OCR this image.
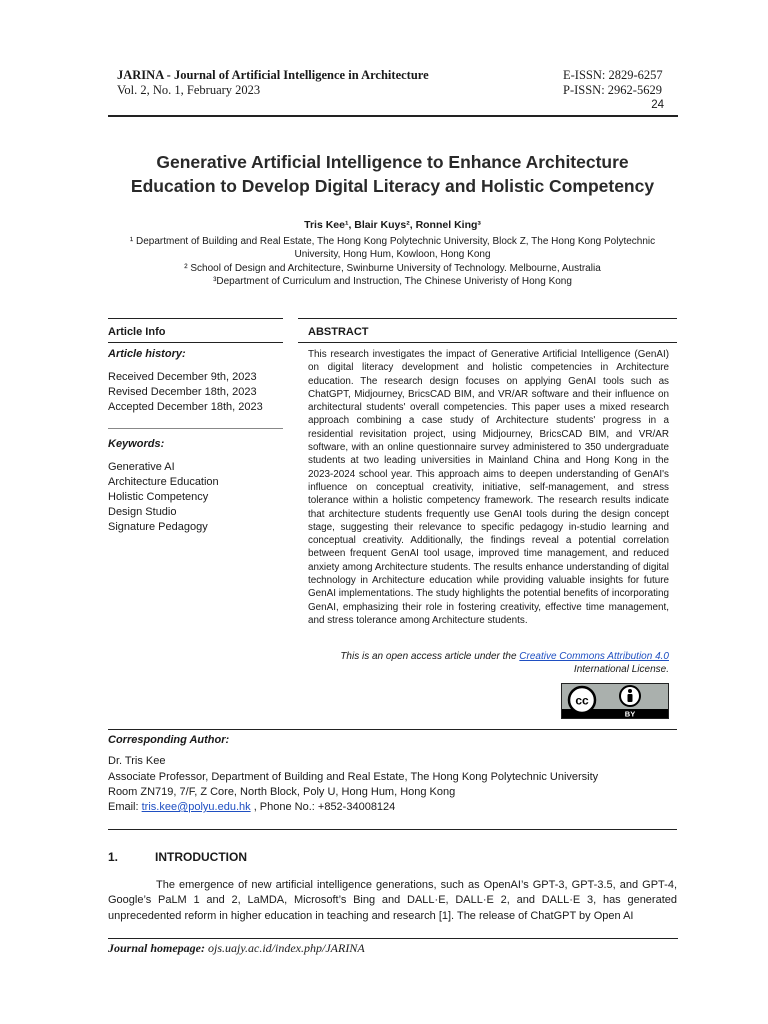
JARINA - Journal of Artificial Intelligence in Architecture
Vol. 2, No. 1, February 2023
E-ISSN: 2829-6257
P-ISSN: 2962-5629
24
Generative Artificial Intelligence to Enhance Architecture
Education to Develop Digital Literacy and Holistic Competency
Tris Kee¹, Blair Kuys², Ronnel King³
¹ Department of Building and Real Estate, The Hong Kong Polytechnic University, Block Z, The Hong Kong Polytechnic
University, Hong Hum, Kowloon, Hong Kong
² School of Design and Architecture, Swinburne University of Technology. Melbourne, Australia
³Department of Curriculum and Instruction, The Chinese Univeristy of Hong Kong
Article Info	ABSTRACT
Article history:
Received December 9th, 2023
Revised December 18th, 2023
Accepted December 18th, 2023
Keywords:
Generative AI
Architecture Education
Holistic Competency
Design Studio
Signature Pedagogy

This research investigates the impact of Generative Artificial Intelligence (GenAI) on digital literacy development and holistic competencies in Architecture education. The research design focuses on applying GenAI tools such as ChatGPT, Midjourney, BricsCAD BIM, and VR/AR software and their influence on architectural students' overall competencies. This paper uses a mixed research approach combining a case study of Architecture students' progress in a residential revisitation project, using Midjourney, BricsCAD BIM, and VR/AR software, with an online questionnaire survey administered to 350 undergraduate students at two leading universities in Mainland China and Hong Kong in the 2023-2024 school year. This approach aims to deepen understanding of GenAI's influence on conceptual creativity, initiative, self-management, and stress tolerance within a holistic competency framework. The research results indicate that architecture students frequently use GenAI tools during the design concept stage, suggesting their relevance to specific pedagogy in-studio learning and conceptual creativity. Additionally, the findings reveal a potential correlation between frequent GenAI tool usage, improved time management, and reduced anxiety among Architecture students. The results enhance understanding of digital technology in Architecture education while providing valuable insights for future GenAI implementations. The study highlights the potential benefits of incorporating GenAI, emphasizing their role in fostering creativity, effective time management, and stress tolerance among Architecture students.

This is an open access article under the Creative Commons Attribution 4.0
International License.
cc
BY
Corresponding Author:
Dr. Tris Kee
Associate Professor, Department of Building and Real Estate, The Hong Kong Polytechnic University
Room ZN719, 7/F, Z Core, North Block, Poly U, Hong Hum, Hong Kong
Email: tris.kee@polyu.edu.hk , Phone No.: +852-34008124
1.	INTRODUCTION

The emergence of new artificial intelligence generations, such as OpenAI’s GPT-3, GPT-3.5, and GPT-4, Google’s PaLM 1 and 2, LaMDA, Microsoft’s Bing and DALL·E, DALL·E 2, and DALL·E 3, has generated unprecedented reform in higher education in teaching and research [1]. The release of ChatGPT by Open AI

Journal homepage: ojs.uajy.ac.id/index.php/JARINA
